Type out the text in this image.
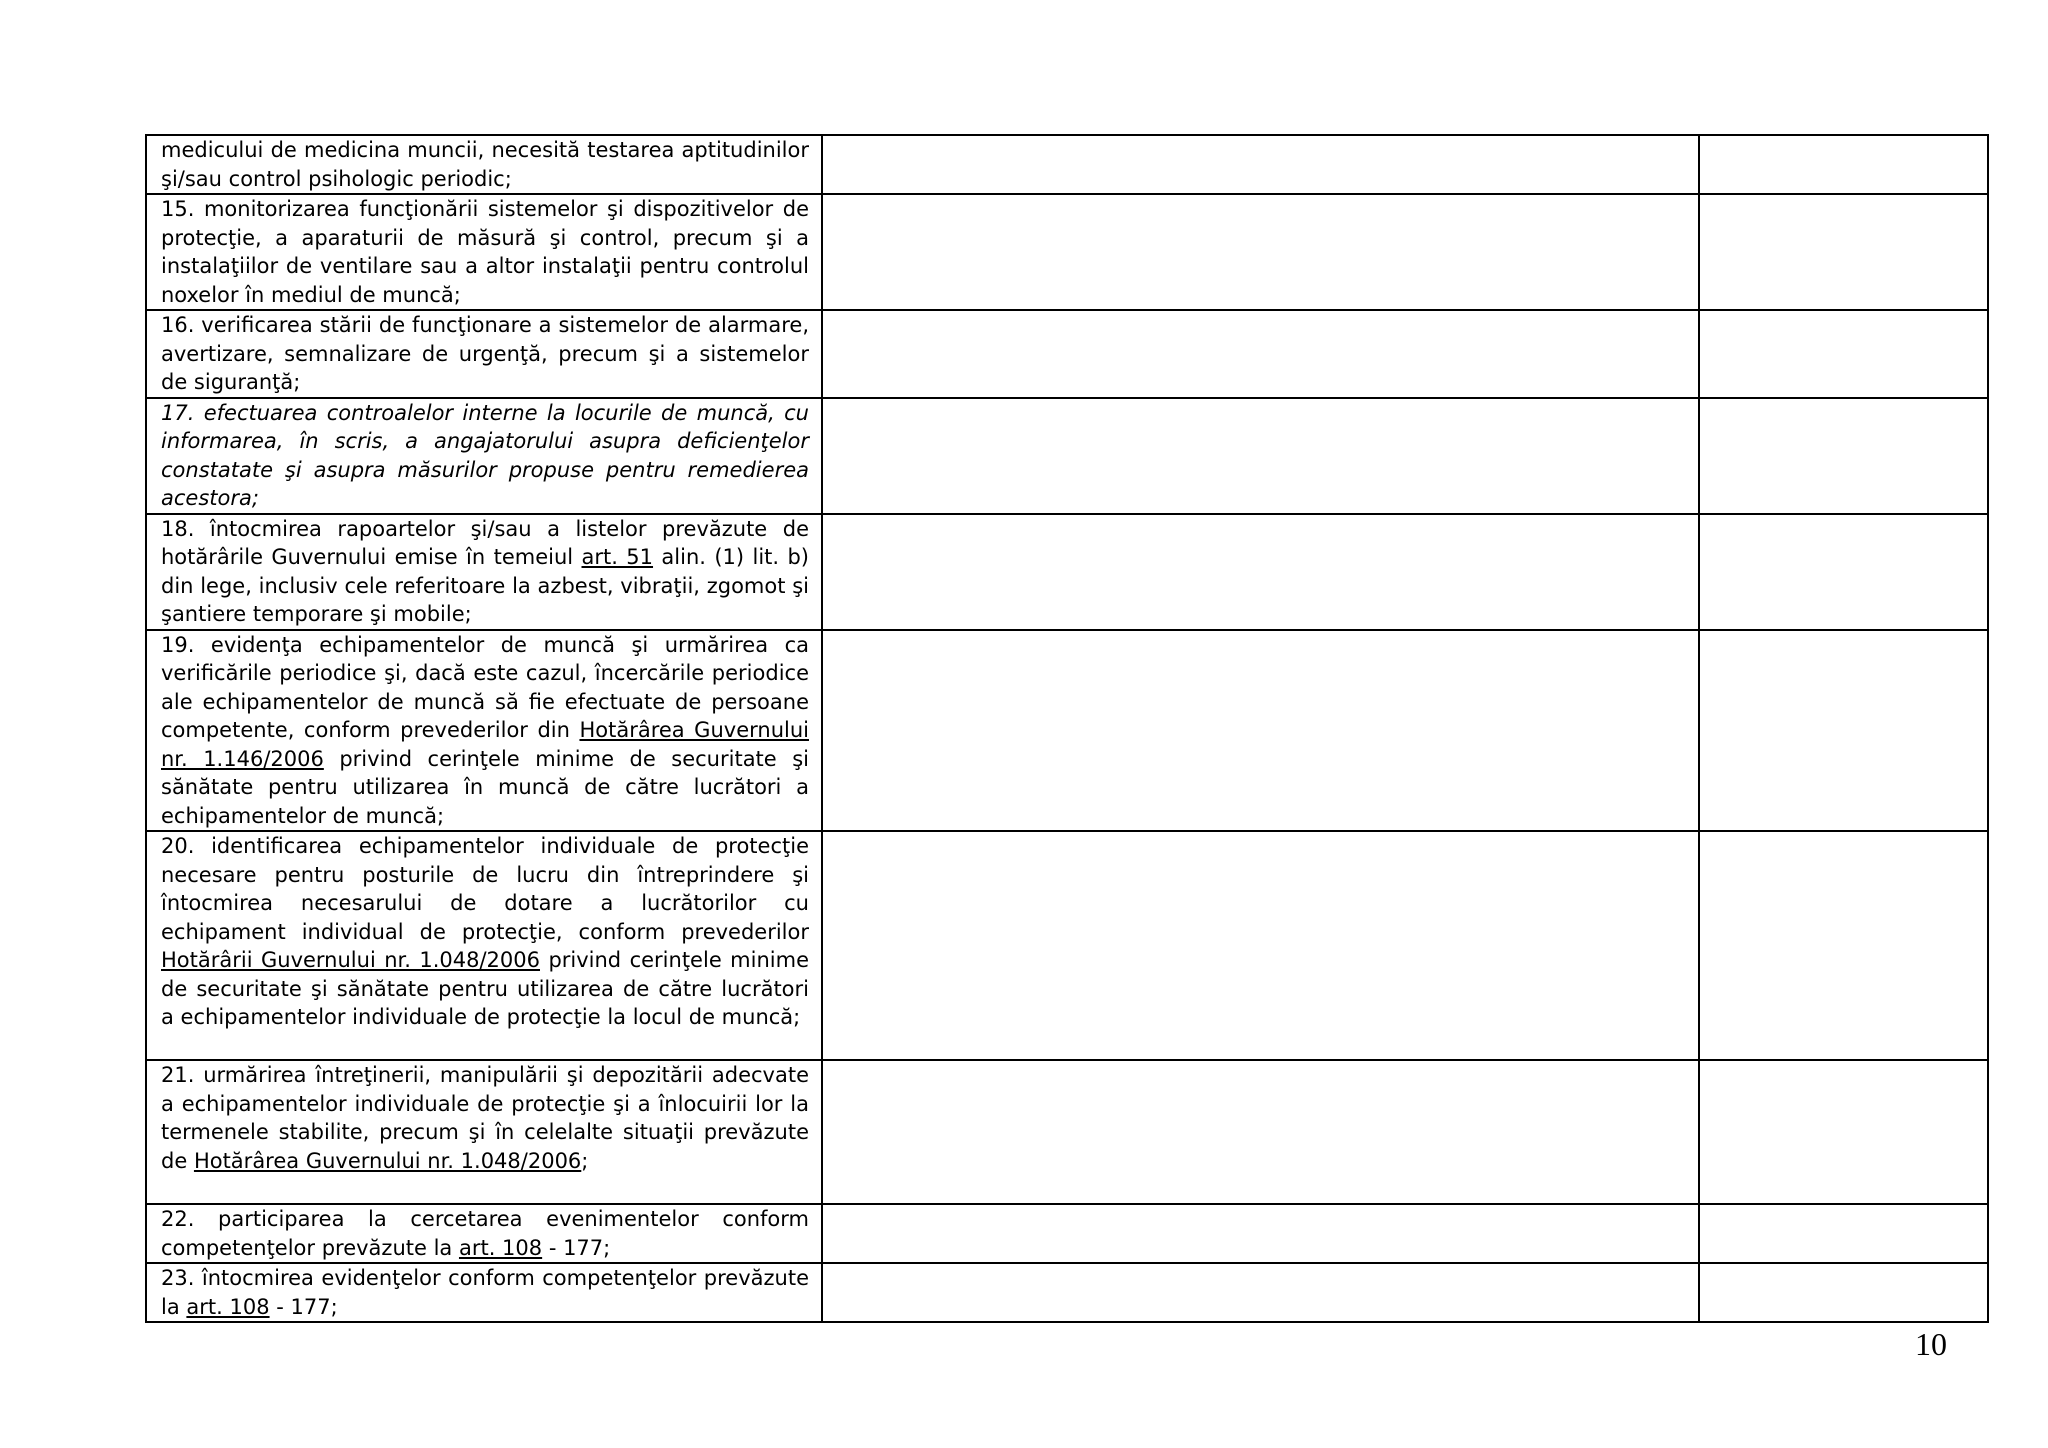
medicului de medicina muncii, necesită testarea aptitudinilor şi/sau control psihologic periodic;		

15. monitorizarea funcţionării sistemelor şi dispozitivelor de protecţie, a aparaturii de măsură şi control, precum şi a instalaţiilor de ventilare sau a altor instalaţii pentru controlul noxelor în mediul de muncă;		

16. verificarea stării de funcţionare a sistemelor de alarmare, avertizare, semnalizare de urgenţă, precum şi a sistemelor de siguranţă;		

17. efectuarea controalelor interne la locurile de muncă, cu informarea, în scris, a angajatorului asupra deficienţelor constatate şi asupra măsurilor propuse pentru remedierea acestora;		

18. întocmirea rapoartelor şi/sau a listelor prevăzute de hotărârile Guvernului emise în temeiul art. 51 alin. (1) lit. b) din lege, inclusiv cele referitoare la azbest, vibraţii, zgomot şi şantiere temporare şi mobile;		

19. evidenţa echipamentelor de muncă şi urmărirea ca verificările periodice şi, dacă este cazul, încercările periodice ale echipamentelor de muncă să fie efectuate de persoane competente, conform prevederilor din Hotărârea Guvernului nr. 1.146/2006 privind cerinţele minime de securitate şi sănătate pentru utilizarea în muncă de către lucrători a echipamentelor de muncă;		

20. identificarea echipamentelor individuale de protecţie necesare pentru posturile de lucru din întreprindere şi întocmirea necesarului de dotare a lucrătorilor cu echipament individual de protecţie, conform prevederilor Hotărârii Guvernului nr. 1.048/2006 privind cerinţele minime de securitate şi sănătate pentru utilizarea de către lucrători a echipamentelor individuale de protecţie la locul de muncă;		

21. urmărirea întreţinerii, manipulării şi depozitării adecvate a echipamentelor individuale de protecţie şi a înlocuirii lor la termenele stabilite, precum şi în celelalte situaţii prevăzute de Hotărârea Guvernului nr. 1.048/2006;		

22. participarea la cercetarea evenimentelor conform competenţelor prevăzute la art. 108 - 177;		

23. întocmirea evidenţelor conform competenţelor prevăzute la art. 108 - 177;		

10
